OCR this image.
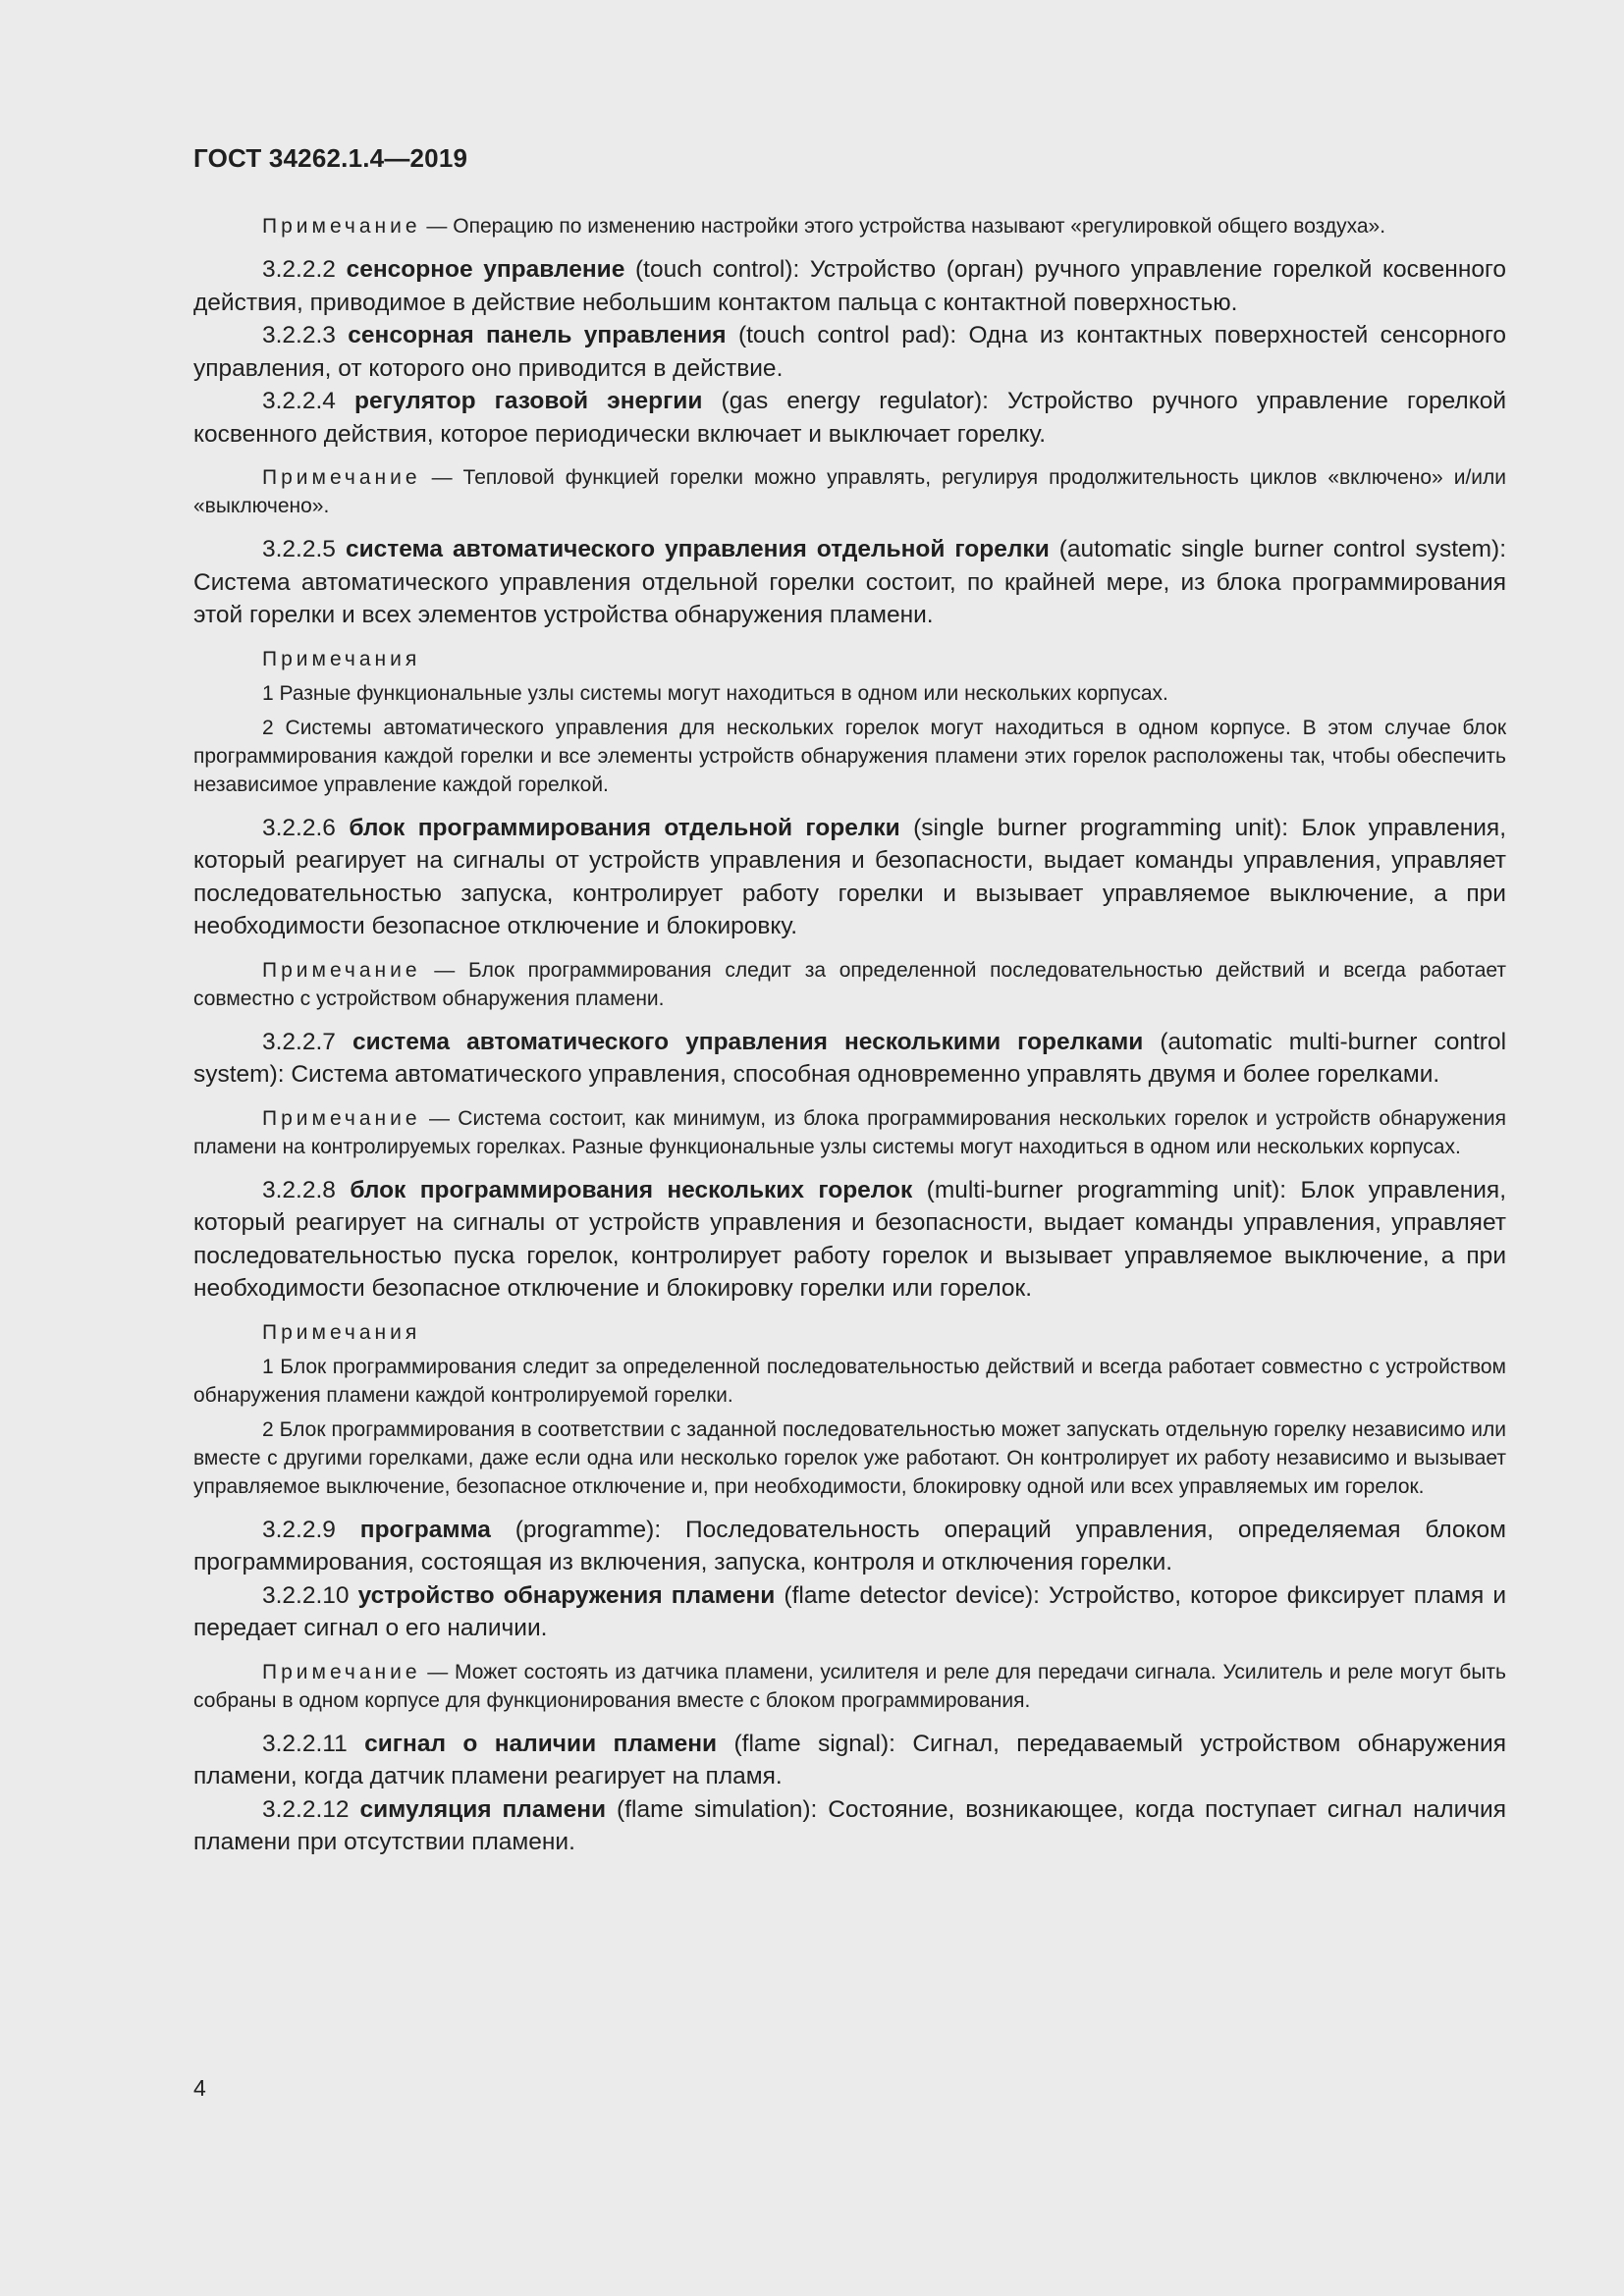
ГОСТ 34262.1.4—2019

Примечание — Операцию по изменению настройки этого устройства называют «регулировкой общего воздуха».

3.2.2.2 сенсорное управление (touch control): Устройство (орган) ручного управление горелкой косвенного действия, приводимое в действие небольшим контактом пальца с контактной поверхностью.

3.2.2.3 сенсорная панель управления (touch control pad): Одна из контактных поверхностей сенсорного управления, от которого оно приводится в действие.

3.2.2.4 регулятор газовой энергии (gas energy regulator): Устройство ручного управление горелкой косвенного действия, которое периодически включает и выключает горелку.

Примечание — Тепловой функцией горелки можно управлять, регулируя продолжительность циклов «включено» и/или «выключено».

3.2.2.5 система автоматического управления отдельной горелки (automatic single burner control system): Система автоматического управления отдельной горелки состоит, по крайней мере, из блока программирования этой горелки и всех элементов устройства обнаружения пламени.

Примечания

1 Разные функциональные узлы системы могут находиться в одном или нескольких корпусах.

2 Системы автоматического управления для нескольких горелок могут находиться в одном корпусе. В этом случае блок программирования каждой горелки и все элементы устройств обнаружения пламени этих горелок расположены так, чтобы обеспечить независимое управление каждой горелкой.

3.2.2.6 блок программирования отдельной горелки (single burner programming unit): Блок управления, который реагирует на сигналы от устройств управления и безопасности, выдает команды управления, управляет последовательностью запуска, контролирует работу горелки и вызывает управляемое выключение, а при необходимости безопасное отключение и блокировку.

Примечание — Блок программирования следит за определенной последовательностью действий и всегда работает совместно с устройством обнаружения пламени.

3.2.2.7 система автоматического управления несколькими горелками (automatic multi-burner control system): Система автоматического управления, способная одновременно управлять двумя и более горелками.

Примечание — Система состоит, как минимум, из блока программирования нескольких горелок и устройств обнаружения пламени на контролируемых горелках. Разные функциональные узлы системы могут находиться в одном или нескольких корпусах.

3.2.2.8 блок программирования нескольких горелок (multi-burner programming unit): Блок управления, который реагирует на сигналы от устройств управления и безопасности, выдает команды управления, управляет последовательностью пуска горелок, контролирует работу горелок и вызывает управляемое выключение, а при необходимости безопасное отключение и блокировку горелки или горелок.

Примечания

1 Блок программирования следит за определенной последовательностью действий и всегда работает совместно с устройством обнаружения пламени каждой контролируемой горелки.

2 Блок программирования в соответствии с заданной последовательностью может запускать отдельную горелку независимо или вместе с другими горелками, даже если одна или несколько горелок уже работают. Он контролирует их работу независимо и вызывает управляемое выключение, безопасное отключение и, при необходимости, блокировку одной или всех управляемых им горелок.

3.2.2.9 программа (programme): Последовательность операций управления, определяемая блоком программирования, состоящая из включения, запуска, контроля и отключения горелки.

3.2.2.10 устройство обнаружения пламени (flame detector device): Устройство, которое фиксирует пламя и передает сигнал о его наличии.

Примечание — Может состоять из датчика пламени, усилителя и реле для передачи сигнала. Усилитель и реле могут быть собраны в одном корпусе для функционирования вместе с блоком программирования.

3.2.2.11 сигнал о наличии пламени (flame signal): Сигнал, передаваемый устройством обнаружения пламени, когда датчик пламени реагирует на пламя.

3.2.2.12 симуляция пламени (flame simulation): Состояние, возникающее, когда поступает сигнал наличия пламени при отсутствии пламени.

4
